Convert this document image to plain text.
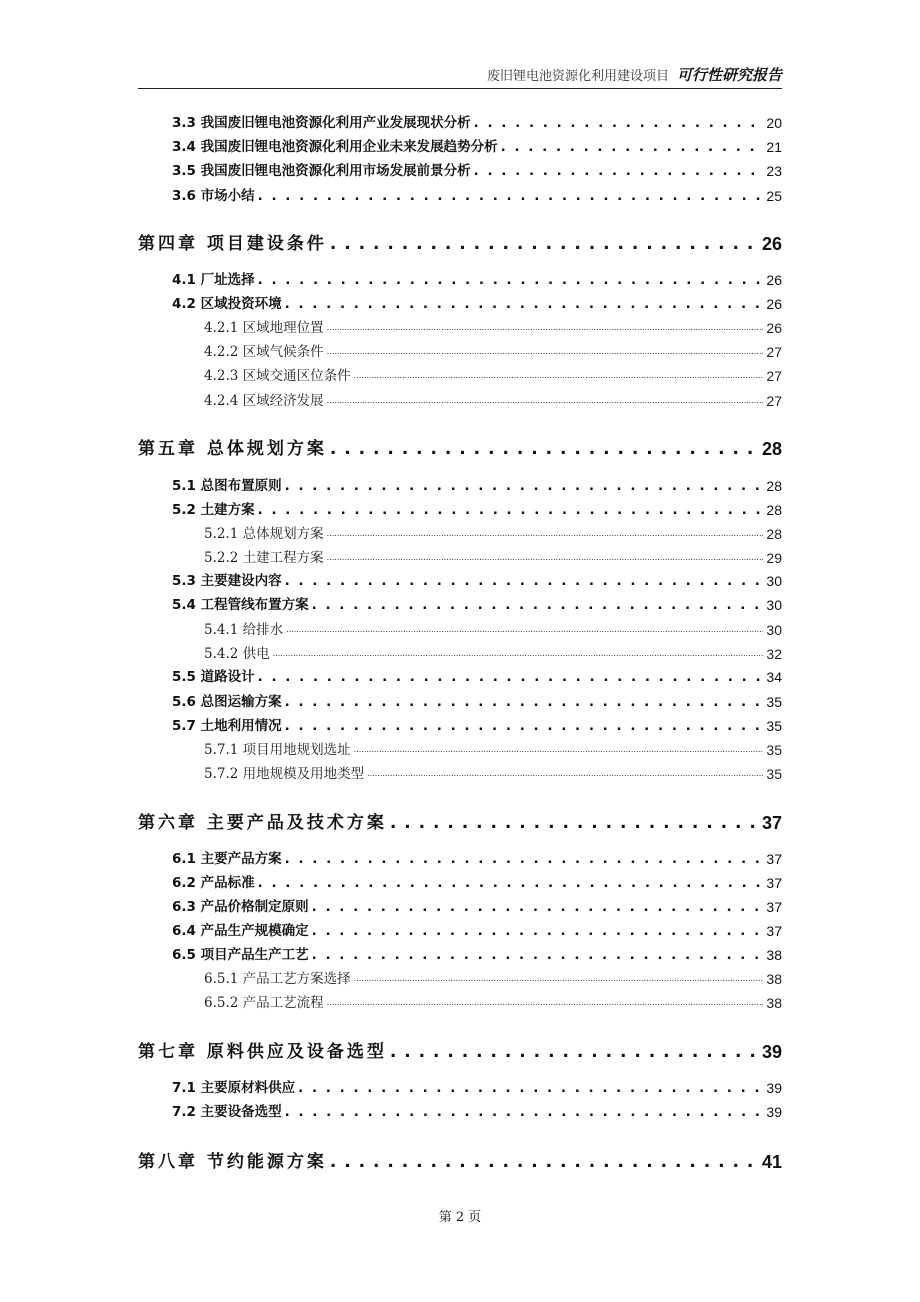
废旧锂电池资源化利用建设项目 可行性研究报告
3.3 我国废旧锂电池资源化利用产业发展现状分析 . . .	20
3.4 我国废旧锂电池资源化利用企业未来发展趋势分析 . . .	21
3.5 我国废旧锂电池资源化利用市场发展前景分析 . . .	23
3.6 市场小结 . . .	25
第四章 项目建设条件 . . .	26
4.1 厂址选择 . . .	26
4.2 区域投资环境 . . .	26
4.2.1 区域地理位置 .....	26
4.2.2 区域气候条件 .....	27
4.2.3 区域交通区位条件 .....	27
4.2.4 区域经济发展 .....	27
第五章 总体规划方案 . . .	28
5.1 总图布置原则 . . .	28
5.2 土建方案 . . .	28
5.2.1 总体规划方案 .....	28
5.2.2 土建工程方案 .....	29
5.3 主要建设内容 . . .	30
5.4 工程管线布置方案 . . .	30
5.4.1 给排水 .....	30
5.4.2 供电 .....	32
5.5 道路设计 . . .	34
5.6 总图运输方案 . . .	35
5.7 土地利用情况 . . .	35
5.7.1 项目用地规划选址 .....	35
5.7.2 用地规模及用地类型 .....	35
第六章 主要产品及技术方案 . . .	37
6.1 主要产品方案 . . .	37
6.2 产品标准 . . .	37
6.3 产品价格制定原则 . . .	37
6.4 产品生产规模确定 . . .	37
6.5 项目产品生产工艺 . . .	38
6.5.1 产品工艺方案选择 .....	38
6.5.2 产品工艺流程 .....	38
第七章 原料供应及设备选型 . . .	39
7.1 主要原材料供应 . . .	39
7.2 主要设备选型 . . .	39
第八章 节约能源方案 . . .	41
第 2 页
